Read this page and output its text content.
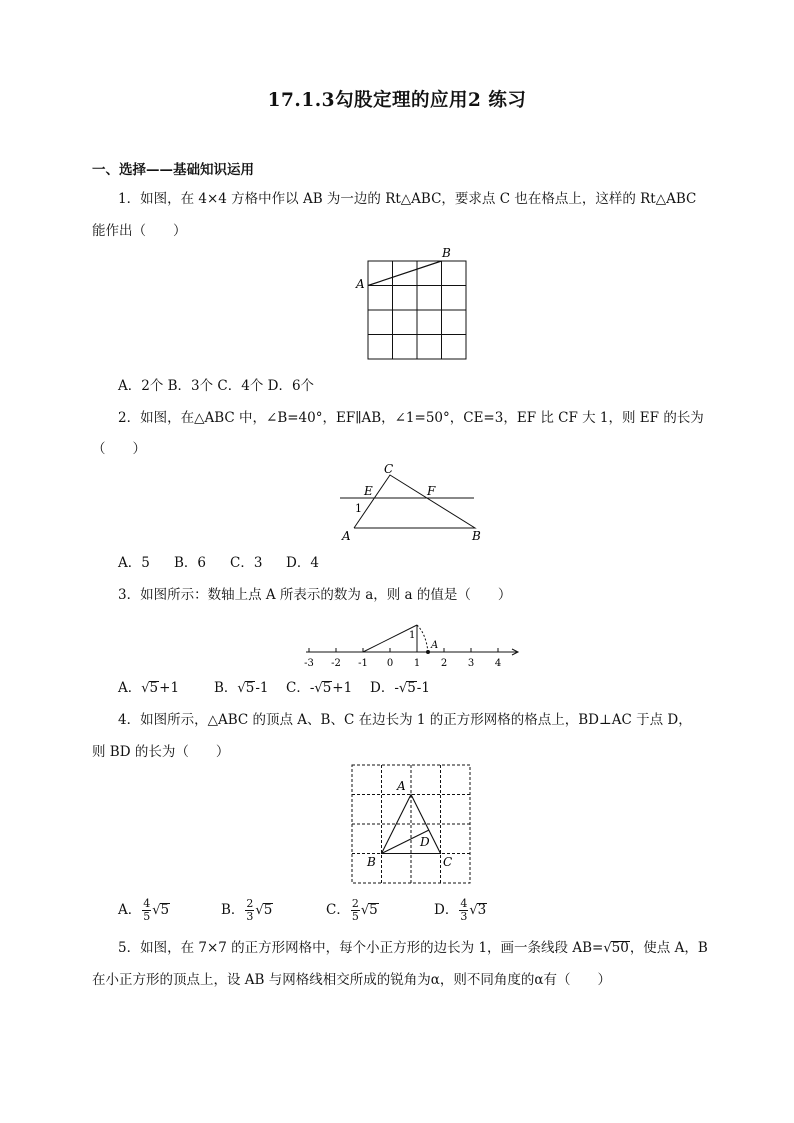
17.1.3勾股定理的应用2 练习
一、选择——基础知识运用
1．如图，在 4×4 方格中作以 AB 为一边的 Rt△ABC，要求点 C 也在格点上，这样的 Rt△ABC
能作出（　　）
A
B
A．2个 B．3个 C．4个 D．6个
2．如图，在△ABC 中，∠B=40°，EF∥AB，∠1=50°，CE=3，EF 比 CF 大 1，则 EF 的长为
（　　）
C
E	F
1
A	B
A．5 B．6 C．3 D．4
3．如图所示：数轴上点 A 所表示的数为 a，则 a 的值是（　　）
1
A
-3 -2 -1 0 1 2 3 4
A．√5+1	B．√5-1 C．-√5+1 D．-√5-1
4．如图所示，△ABC 的顶点 A、B、C 在边长为 1 的正方形网格的格点上，BD⊥AC 于点 D，
则 BD 的长为（　　）
A
B	C
D
A． $\frac{4}{5} √5$	B． $\frac{2}{3} √5$	C． $\frac{2}{5} √5$	D． $\frac{4}{3} √3$
5．如图，在 7×7 的正方形网格中，每个小正方形的边长为 1，画一条线段 AB=√50，使点 A，B
在小正方形的顶点上，设 AB 与网格线相交所成的锐角为α，则不同角度的α有（　　）
